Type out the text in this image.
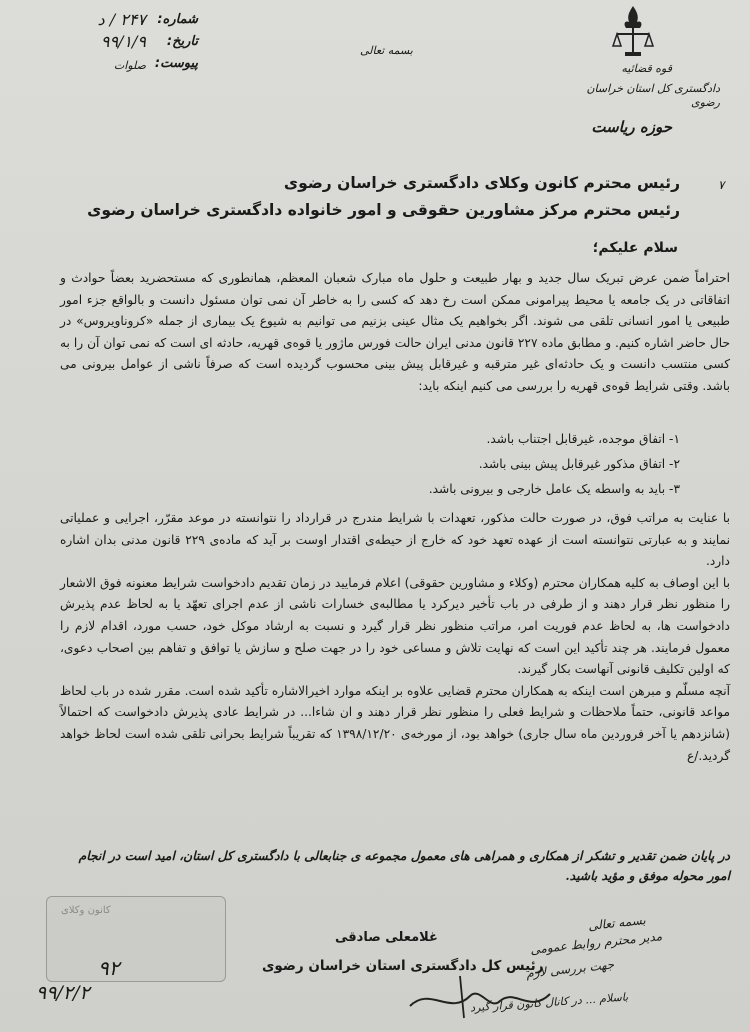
قوه قضائیه
دادگستری کل استان خراسان رضوی
حوزه ریاست
بسمه تعالی
شماره:
۲۴۷ / د
تاریخ:
۹۹/۱/۹
پیوست:
صلوات
۷
رئیس محترم کانون وکلای دادگستری خراسان رضوی
رئیس محترم مرکز مشاورین حقوقی و امور خانواده دادگستری خراسان رضوی
سلام علیکم؛

احتراماً ضمن عرض تبریک سال جدید و بهار طبیعت و حلول ماه مبارک شعبان المعظم، همانطوری که مستحضرید بعضاً حوادث و اتفاقاتی در یک جامعه یا محیط پیرامونی ممکن است رخ دهد که کسی را به خاطر آن نمی توان مسئول دانست و بالواقع جزء امور طبیعی یا امور انسانی تلقی می شوند. اگر بخواهیم یک مثال عینی بزنیم می توانیم به شیوع یک بیماری از جمله «کروناویروس» در حال حاضر اشاره کنیم. و مطابق ماده ۲۲۷ قانون مدنی ایران حالت فورس ماژور یا قوه‌ی قهریه، حادثه ای است که نمی توان آن را به کسی منتسب دانست و یک حادثه‌ای غیر مترقبه و غیرقابل پیش بینی محسوب گردیده است که صرفاً ناشی از عوامل بیرونی می باشد. وقتی شرایط قوه‌ی قهریه را بررسی می کنیم اینکه باید:

۱- اتفاق موجده، غیرقابل اجتناب باشد.
۲- اتفاق مذکور غیرقابل پیش بینی باشد.
۳- باید به واسطه یک عامل خارجی و بیرونی باشد.

با عنایت به مراتب فوق، در صورت حالت مذکور، تعهدات با شرایط مندرج در قرارداد را نتوانسته در موعد مقرّر، اجرایی و عملیاتی نمایند و به عبارتی نتوانسته است از عهده تعهد خود که خارج از حیطه‌ی اقتدار اوست بر آید که ماده‌ی ۲۲۹ قانون مدنی بدان اشاره دارد.

با این اوصاف به کلیه همکاران محترم (وکلاء و مشاورین حقوقی) اعلام فرمایید در زمان تقدیم دادخواست شرایط معنونه فوق الاشعار را منظور نظر قرار دهند و از طرفی در باب تأخیر دیرکرد یا مطالبه‌ی خسارات ناشی از عدم اجرای تعهّد یا به لحاظ عدم پذیرش دادخواست ها، به لحاظ عدم فوریت امر، مراتب منظور نظر قرار گیرد و نسبت به ارشاد موکل خود، حسب مورد، اقدام لازم را معمول فرمایند. هر چند تأکید این است که نهایت تلاش و مساعی خود را در جهت صلح و سازش یا توافق و تفاهم بین اصحاب دعوی، که اولین تکلیف قانونی آنهاست بکار گیرند.

آنچه مسلّم و مبرهن است اینکه به همکاران محترم قضایی علاوه بر اینکه موارد اخیرالاشاره تأکید شده است. مقرر شده در باب لحاظ مواعد قانونی، حتماً ملاحظات و شرایط فعلی را منظور نظر قرار دهند و ان شاءا... در شرایط عادی پذیرش دادخواست که احتمالاً (شانزدهم یا آخر فروردین ماه سال جاری) خواهد بود، از مورخه‌ی ۱۳۹۸/۱۲/۲۰ که تقریباً شرایط بحرانی تلقی شده است لحاظ خواهد گردید./ع

در پایان ضمن تقدیر و تشکر از همکاری و همراهی های معمول مجموعه ی جنابعالی با دادگستری کل استان، امید است در انجام امور محوله موفق و مؤید باشید.
غلامعلی صادقی
رئیس کل دادگستری استان خراسان رضوی
کانون وکلای
۹۲
۹۹/۲/۲
بسمه تعالی
مدیر محترم روابط عمومی
جهت بررسی لازم
باسلام ... در کانال کانون قرار گیرد
